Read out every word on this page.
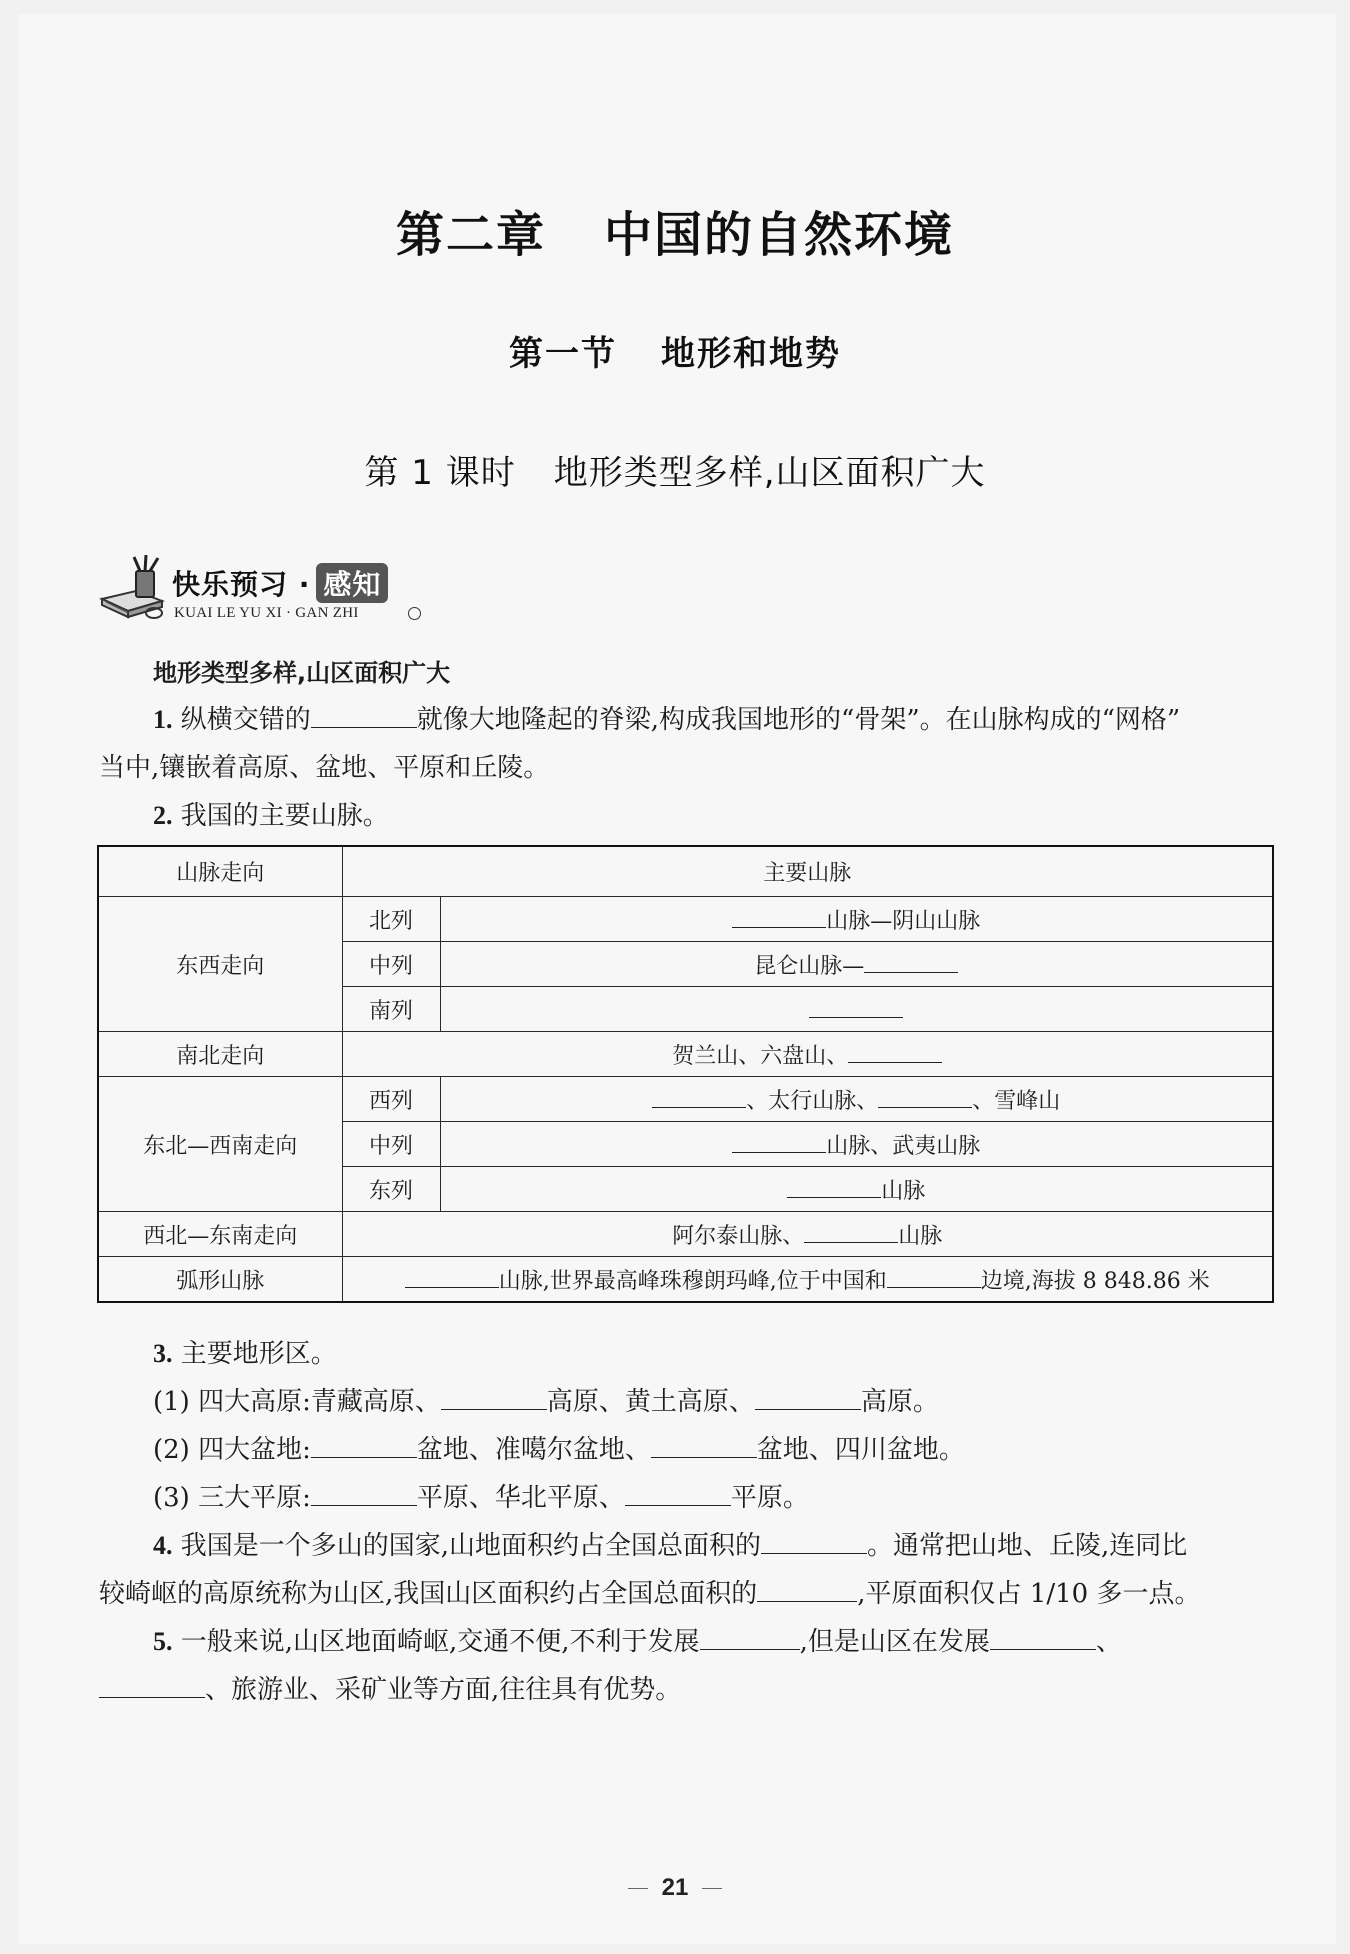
第二章 中国的自然环境
第一节 地形和地势
第 1 课时 地形类型多样,山区面积广大
快乐预习 · 感知
KUAI LE YU XI · GAN ZHI
地形类型多样,山区面积广大
1. 纵横交错的	就像大地隆起的脊梁,构成我国地形的“骨架”。在山脉构成的“网格”
当中,镶嵌着高原、盆地、平原和丘陵。
2. 我国的主要山脉。
山脉走向	主要山脉	
东西走向	北列	山脉—阴山山脉
	中列	昆仑山脉—
	南列	
南北走向	贺兰山、六盘山、	
东北—西南走向	西列	、太行山脉、 、雪峰山
	中列	山脉、武夷山脉
	东列	山脉
西北—东南走向	阿尔泰山脉、 山脉	
弧形山脉	山脉,世界最高峰珠穆朗玛峰,位于中国和 边境,海拔 8 848.86 米	
3. 主要地形区。
(1) 四大高原:青藏高原、	高原、黄土高原、	高原。
(2) 四大盆地:	盆地、准噶尔盆地、	盆地、四川盆地。
(3) 三大平原:	平原、华北平原、	平原。
4. 我国是一个多山的国家,山地面积约占全国总面积的	。通常把山地、丘陵,连同比
较崎岖的高原统称为山区,我国山区面积约占全国总面积的	,平原面积仅占 1/10 多一点。
5. 一般来说,山区地面崎岖,交通不便,不利于发展	,但是山区在发展	、
、旅游业、采矿业等方面,往往具有优势。
21
